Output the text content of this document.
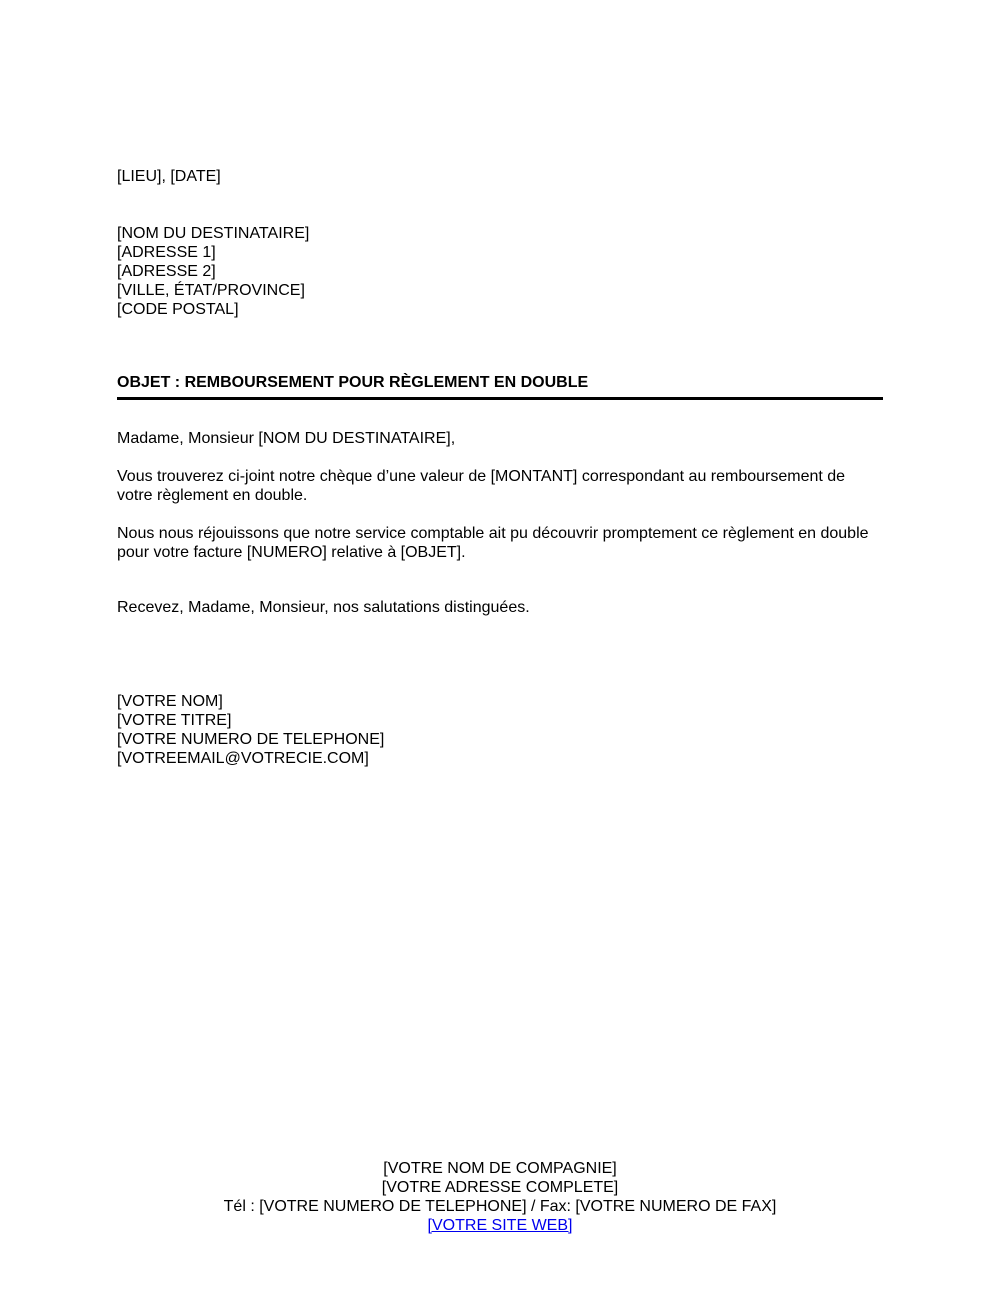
[LIEU], [DATE]
[NOM DU DESTINATAIRE]
[ADRESSE 1]
[ADRESSE 2]
[VILLE, ÉTAT/PROVINCE]
[CODE POSTAL]
OBJET : REMBOURSEMENT POUR RÈGLEMENT EN DOUBLE
Madame, Monsieur [NOM DU DESTINATAIRE],
Vous trouverez ci-joint notre chèque d’une valeur de [MONTANT] correspondant au remboursement de votre règlement en double.
Nous nous réjouissons que notre service comptable ait pu découvrir promptement ce règlement en double pour votre facture [NUMERO] relative à [OBJET].
Recevez, Madame, Monsieur, nos salutations distinguées.
[VOTRE NOM]
[VOTRE TITRE]
[VOTRE NUMERO DE TELEPHONE]
[VOTREEMAIL@VOTRECIE.COM]
[VOTRE NOM DE COMPAGNIE]
[VOTRE ADRESSE COMPLETE]
Tél : [VOTRE NUMERO DE TELEPHONE] / Fax: [VOTRE NUMERO DE FAX]
[VOTRE SITE WEB]
